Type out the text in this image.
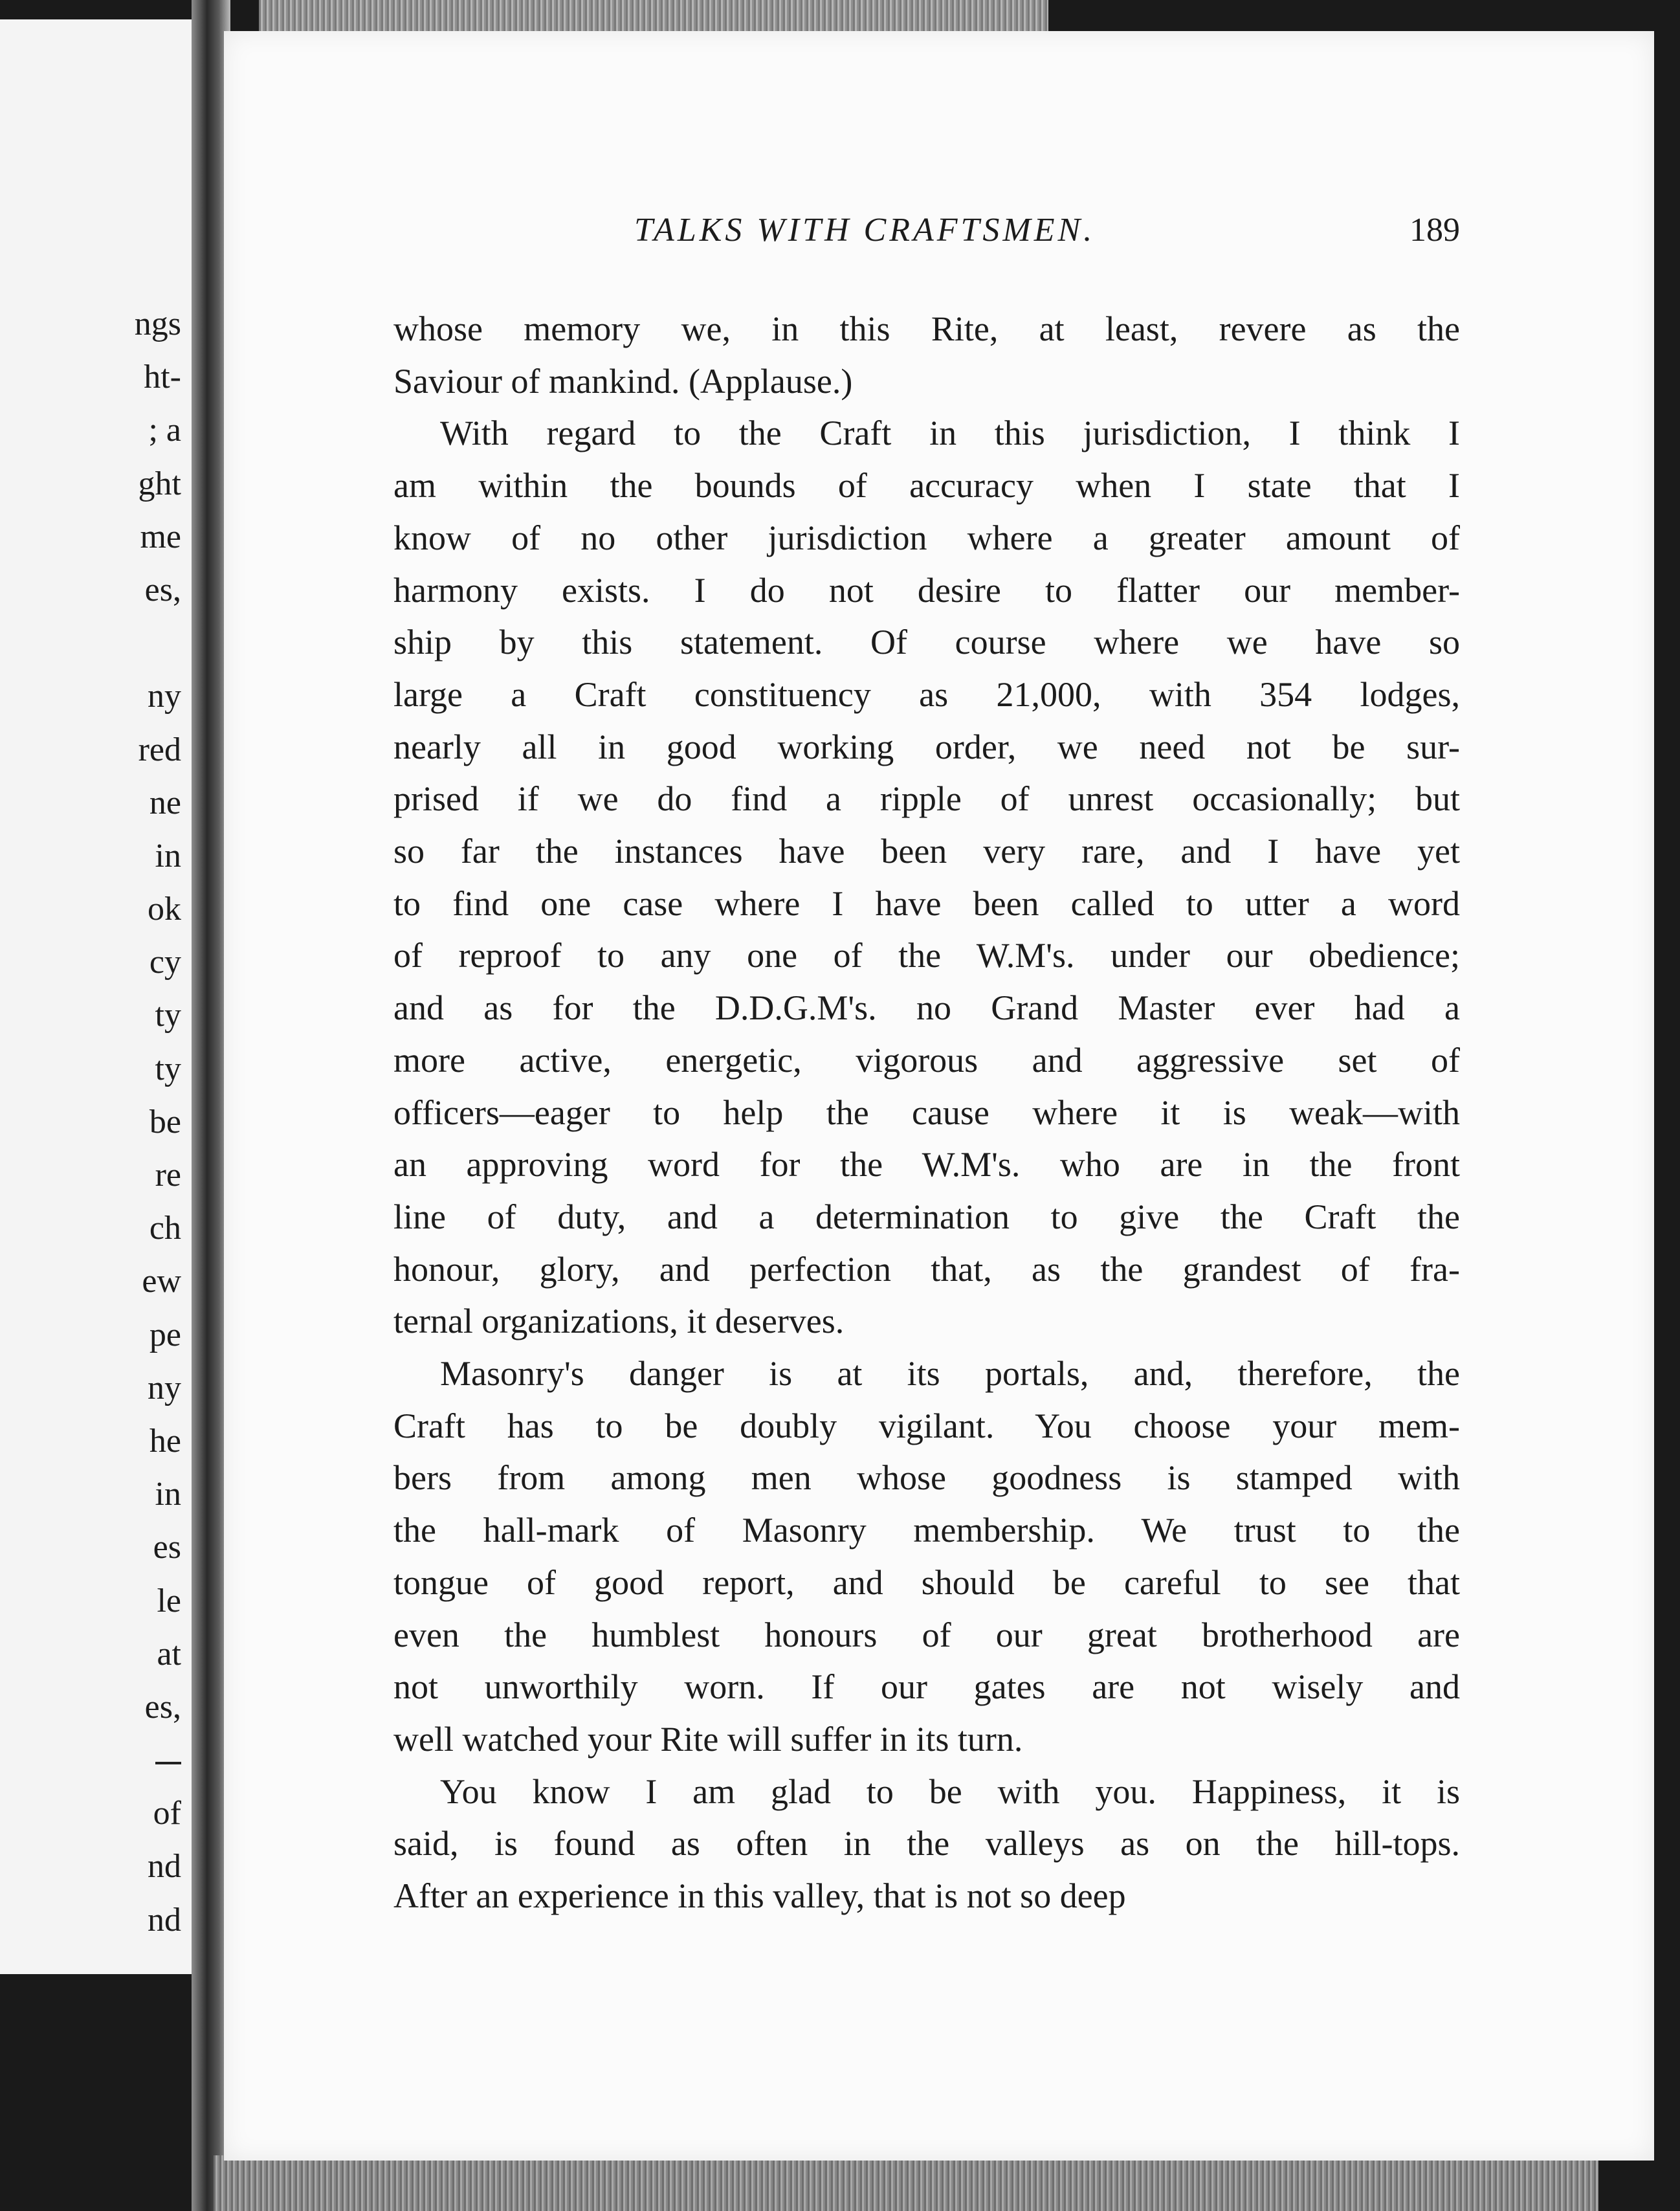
ngs
ht-
; a
ght
me
es,
ny
red
ne
in
ok
cy
ty
ty
be
re
ch
ew
pe
ny
he
in
es
le
at
es,
of
nd
nd
TALKS WITH CRAFTSMEN.	189

whose memory we, in this Rite, at least, revere as the
Saviour of mankind. (Applause.)

With regard to the Craft in this jurisdiction, I think I
am within the bounds of accuracy when I state that I
know of no other jurisdiction where a greater amount of
harmony exists. I do not desire to flatter our member-
ship by this statement. Of course where we have so
large a Craft constituency as 21,000, with 354 lodges,
nearly all in good working order, we need not be sur-
prised if we do find a ripple of unrest occasionally; but
so far the instances have been very rare, and I have yet
to find one case where I have been called to utter a word
of reproof to any one of the W.M's. under our obedience;
and as for the D.D.G.M's. no Grand Master ever had a
more active, energetic, vigorous and aggressive set of
officers—eager to help the cause where it is weak—with
an approving word for the W.M's. who are in the front
line of duty, and a determination to give the Craft the
honour, glory, and perfection that, as the grandest of fra-
ternal organizations, it deserves.

Masonry's danger is at its portals, and, therefore, the
Craft has to be doubly vigilant. You choose your mem-
bers from among men whose goodness is stamped with
the hall-mark of Masonry membership. We trust to the
tongue of good report, and should be careful to see that
even the humblest honours of our great brotherhood are
not unworthily worn. If our gates are not wisely and
well watched your Rite will suffer in its turn.

You know I am glad to be with you. Happiness, it is
said, is found as often in the valleys as on the hill-tops.
After an experience in this valley, that is not so deep
